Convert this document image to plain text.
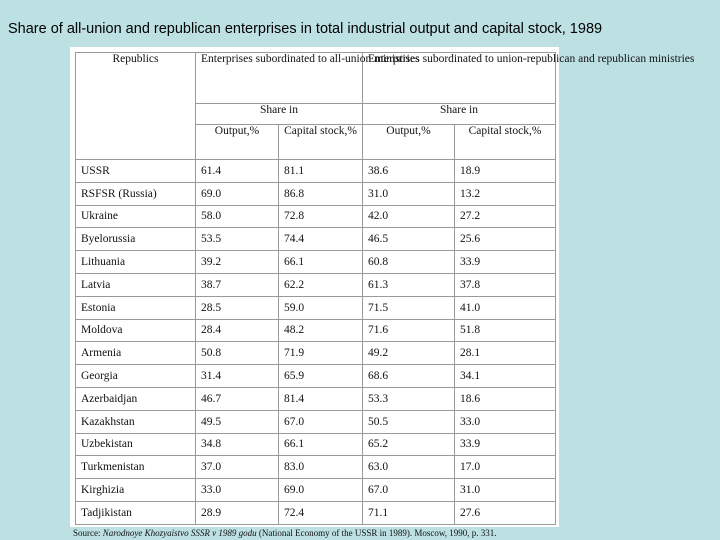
Share of all-union and republican enterprises in total industrial output and capital stock, 1989
Republics	Enterprises subordinated to all-union ministries		Enterprises subordinated to union-republican and republican ministries	
	Share in		Share in	
	Output,%	Capital stock,%	Output,%	Capital stock,%
USSR	61.4	81.1	38.6	18.9
RSFSR (Russia)	69.0	86.8	31.0	13.2
Ukraine	58.0	72.8	42.0	27.2
Byelorussia	53.5	74.4	46.5	25.6
Lithuania	39.2	66.1	60.8	33.9
Latvia	38.7	62.2	61.3	37.8
Estonia	28.5	59.0	71.5	41.0
Moldova	28.4	48.2	71.6	51.8
Armenia	50.8	71.9	49.2	28.1
Georgia	31.4	65.9	68.6	34.1
Azerbaidjan	46.7	81.4	53.3	18.6
Kazakhstan	49.5	67.0	50.5	33.0
Uzbekistan	34.8	66.1	65.2	33.9
Turkmenistan	37.0	83.0	63.0	17.0
Kirghizia	33.0	69.0	67.0	31.0
Tadjikistan	28.9	72.4	71.1	27.6
Source: Narodnoye Khozyaistvo SSSR v 1989 godu (National Economy of the USSR in 1989). Moscow, 1990, p. 331.
